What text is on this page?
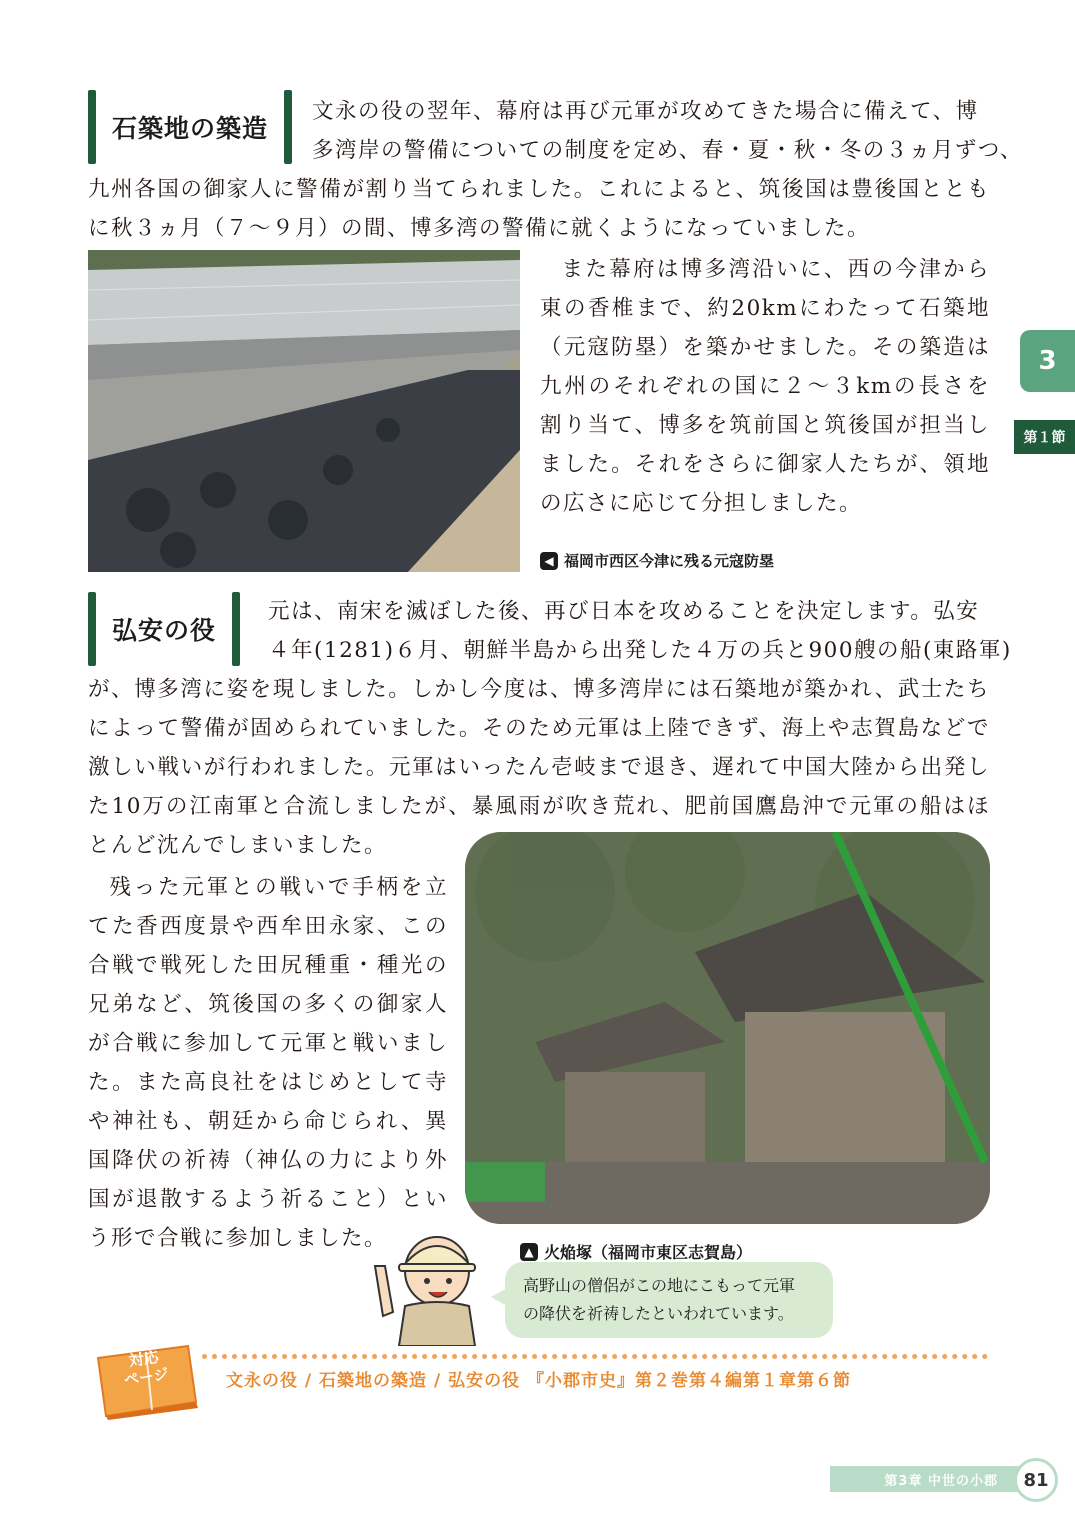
石築地の築造
文永の役の翌年、幕府は再び元軍が攻めてきた場合に備えて、博
多湾岸の警備についての制度を定め、春・夏・秋・冬の３ヵ月ずつ、

九州各国の御家人に警備が割り当てられました。これによると、筑後国は豊後国とともに秋３ヵ月（７～９月）の間、博多湾の警備に就くようになっていました。

また幕府は博多湾沿いに、西の今津から東の香椎まで、約20kmにわたって石築地（元寇防塁）を築かせました。その築造は九州のそれぞれの国に２～３kmの長さを割り当て、博多を筑前国と筑後国が担当しました。それをさらに御家人たちが、領地の広さに応じて分担しました。

◀ 福岡市西区今津に残る元寇防塁
3
第１節
弘安の役
元は、南宋を滅ぼした後、再び日本を攻めることを決定します。弘安
４年(1281)６月、朝鮮半島から出発した４万の兵と900艘の船(東路軍)

が、博多湾に姿を現しました。しかし今度は、博多湾岸には石築地が築かれ、武士たちによって警備が固められていました。そのため元軍は上陸できず、海上や志賀島などで激しい戦いが行われました。元軍はいったん壱岐まで退き、遅れて中国大陸から出発した10万の江南軍と合流しましたが、暴風雨が吹き荒れ、肥前国鷹島沖で元軍の船はほとんど沈んでしまいました。

残った元軍との戦いで手柄を立てた香西度景や西牟田永家、この合戦で戦死した田尻種重・種光の兄弟など、筑後国の多くの御家人が合戦に参加して元軍と戦いました。また高良社をはじめとして寺や神社も、朝廷から命じられ、異国降伏の祈祷（神仏の力により外国が退散するよう祈ること）という形で合戦に参加しました。

▲ 火焔塚（福岡市東区志賀島）
高野山の僧侶がこの地にこもって元軍
の降伏を祈祷したといわれています。
対応
ページ	文永の役 / 石築地の築造 / 弘安の役 『小郡市史』第２巻第４編第１章第６節
第3章 中世の小郡	81
